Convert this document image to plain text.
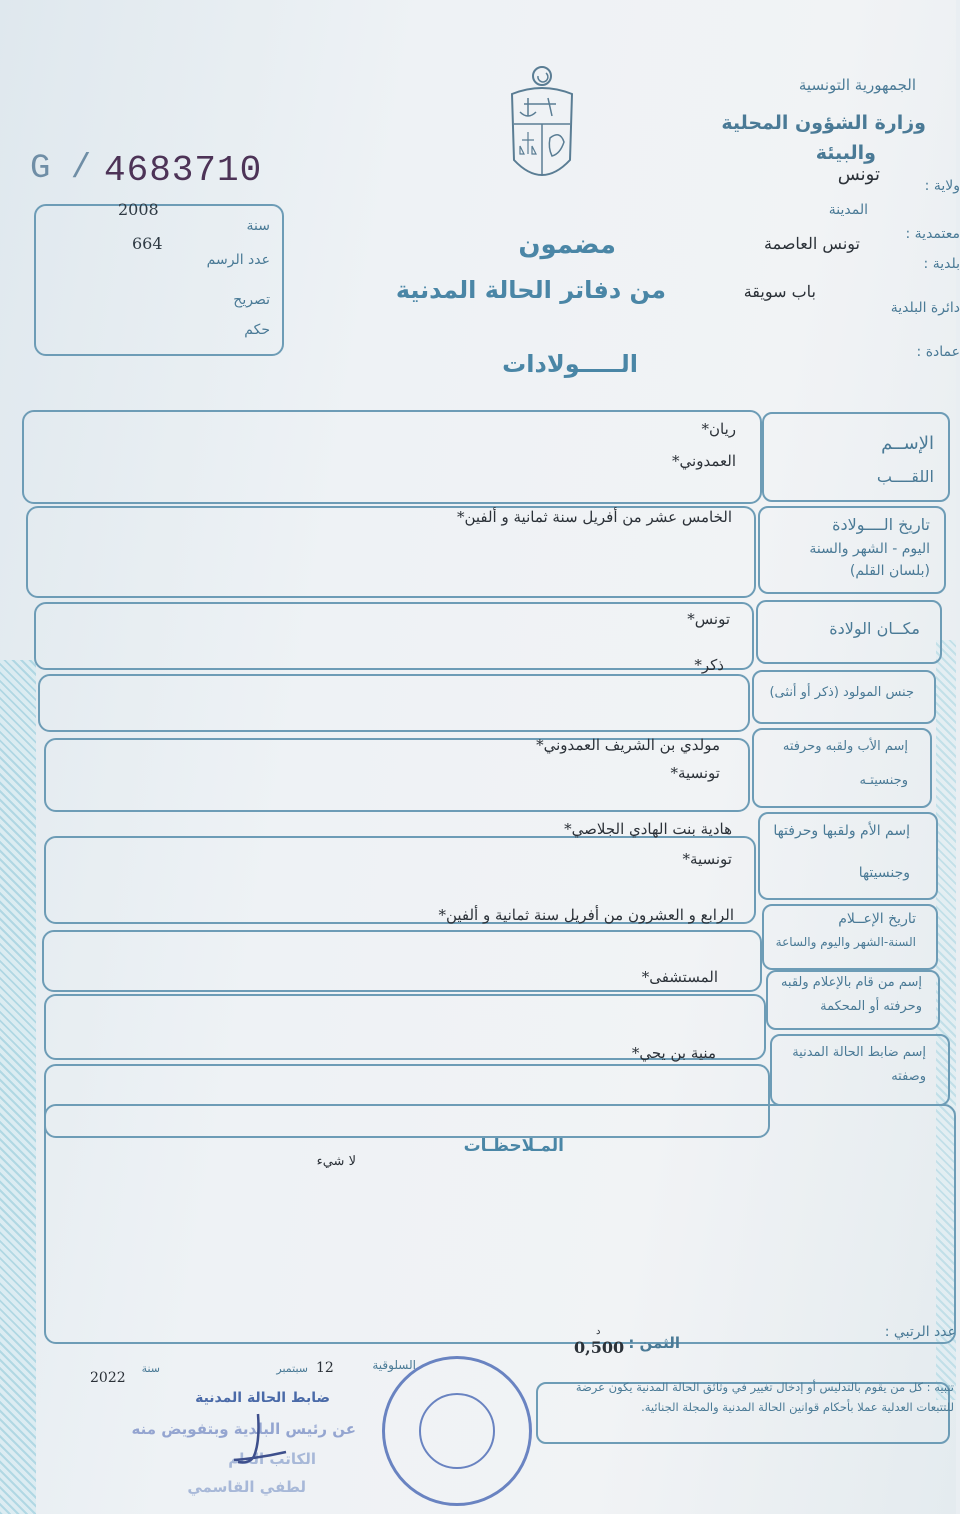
الجمهورية التونسية
وزارة الشؤون المحلية
والبيئة
ولاية :
تونس
المدينة
معتمدية :
تونس العاصمة
بلدية :
دائرة البلدية
باب سويقة
عمادة :
G / 4683710
سنة
2008
عدد الرسم
664
تصريح
حكم
مضمون
من دفاتر الحالة المدنية
الـــــولادات
الإســم
اللقــــب
ريان*
العمدوني*
تاريخ الــــولادة
اليوم - الشهر والسنة
(بلسان القلم)
الخامس عشر من أفريل سنة ثمانية و ألفين*
مكــان الولادة
تونس*
جنس المولود (ذكر أو أنثى)
ذكر*
إسم الأب ولقبه وحرفته
وجنسيتـه
مولدي بن الشريف العمدوني*
تونسية*
إسم الأم ولقبها وحرفتها
وجنسيتها
هادية بنت الهادي الجلاصي*
تونسية*
تاريخ الإعــلام
السنة-الشهر واليوم والساعة
الرابع و العشرون من أفريل سنة ثمانية و ألفين*
إسم من قام بالإعلام ولقبه
وحرفته أو المحكمة
المستشفى*
إسم ضابط الحالة المدنية
وصفته
منية بن يحي*
المـلاحظـات
لا شيء
عدد الرتبي :
الثمن :
0,500
د
السلوقية
12
سبتمبر
سنة
2022
ضابط الحالة المدنية
عن رئيس البلدية وبتفويض منه
الكاتب العام
لطفي القاسمي
تنبيه : كل من يقوم بالتدليس أو إدخال تغيير في وثائق الحالة المدنية يكون عرضة للتتبعات العدلية عملا بأحكام قوانين الحالة المدنية والمجلة الجنائية.
